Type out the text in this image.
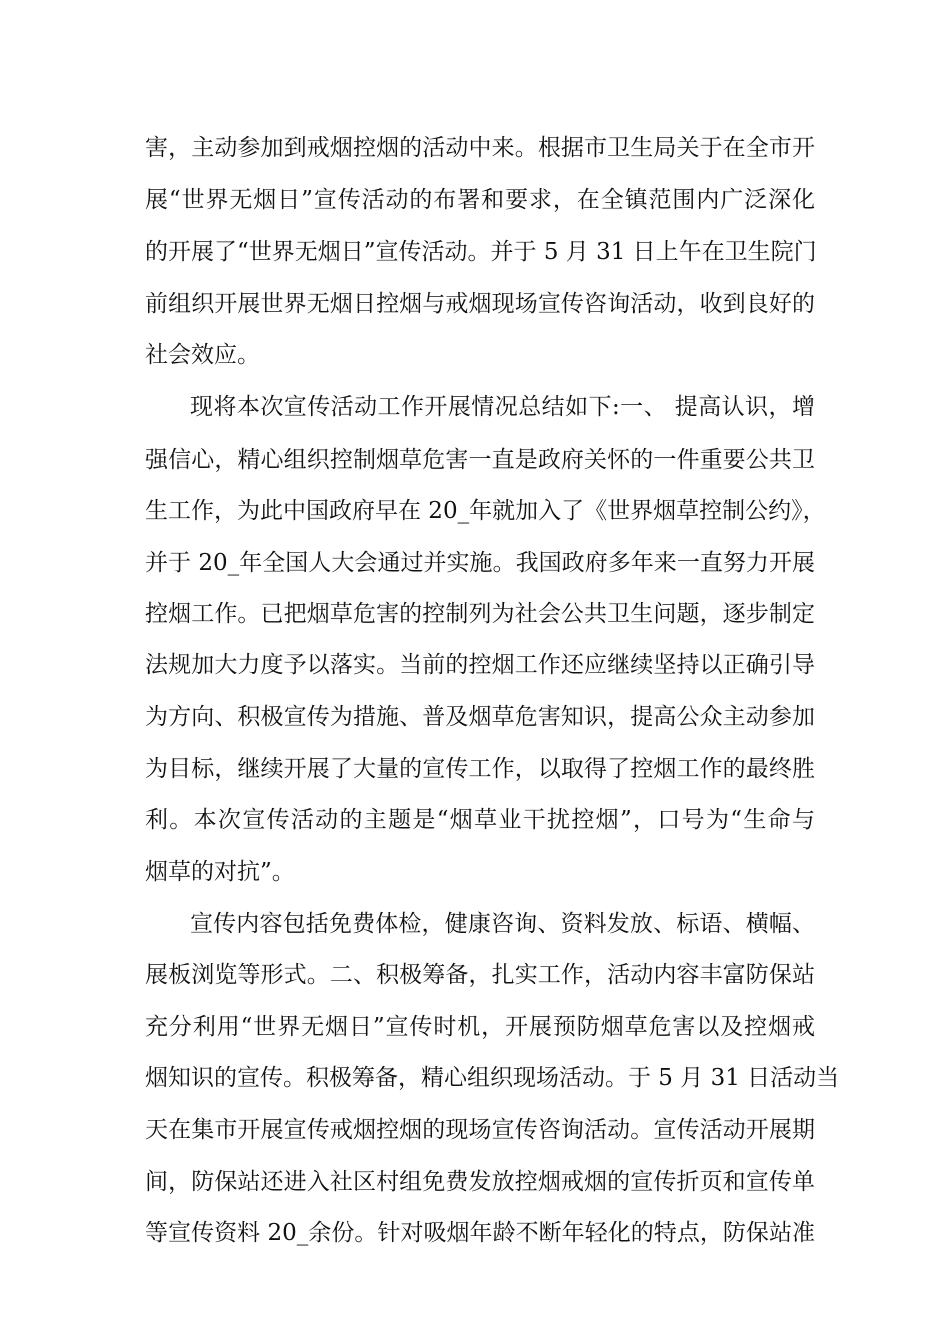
害，主动参加到戒烟控烟的活动中来。根据市卫生局关于在全市开
展“世界无烟日”宣传活动的布署和要求，在全镇范围内广泛深化
的开展了“世界无烟日”宣传活动。并于 5 月 31 日上午在卫生院门
前组织开展世界无烟日控烟与戒烟现场宣传咨询活动，收到良好的
社会效应。
现将本次宣传活动工作开展情况总结如下:一、 提高认识，增
强信心，精心组织控制烟草危害一直是政府关怀的一件重要公共卫
生工作，为此中国政府早在 20_年就加入了《世界烟草控制公约》，
并于 20_年全国人大会通过并实施。我国政府多年来一直努力开展
控烟工作。已把烟草危害的控制列为社会公共卫生问题，逐步制定
法规加大力度予以落实。当前的控烟工作还应继续坚持以正确引导
为方向、积极宣传为措施、普及烟草危害知识，提高公众主动参加
为目标，继续开展了大量的宣传工作，以取得了控烟工作的最终胜
利。本次宣传活动的主题是“烟草业干扰控烟”，口号为“生命与
烟草的对抗”。
宣传内容包括免费体检，健康咨询、资料发放、标语、横幅、
展板浏览等形式。二、积极筹备，扎实工作，活动内容丰富防保站
充分利用“世界无烟日”宣传时机，开展预防烟草危害以及控烟戒
烟知识的宣传。积极筹备，精心组织现场活动。于 5 月 31 日活动当
天在集市开展宣传戒烟控烟的现场宣传咨询活动。宣传活动开展期
间，防保站还进入社区村组免费发放控烟戒烟的宣传折页和宣传单
等宣传资料 20_余份。针对吸烟年龄不断年轻化的特点，防保站准
